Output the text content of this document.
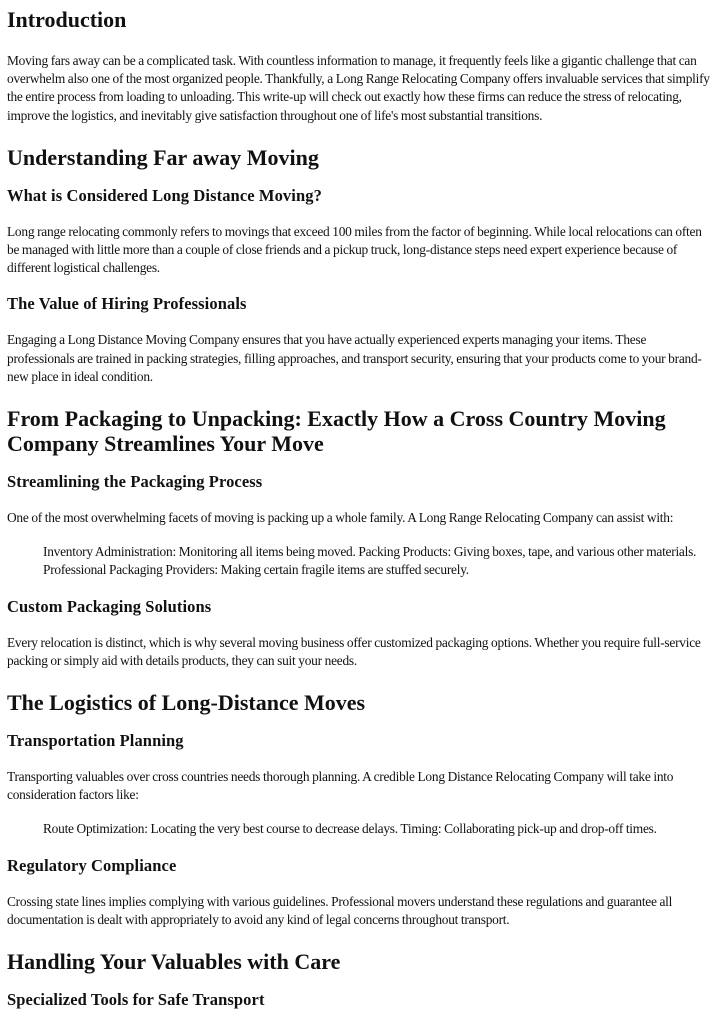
Introduction

Moving fars away can be a complicated task. With countless information to manage, it frequently feels like a gigantic challenge that can overwhelm also one of the most organized people. Thankfully, a Long Range Relocating Company offers invaluable services that simplify the entire process from loading to unloading. This write-up will check out exactly how these firms can reduce the stress of relocating, improve the logistics, and inevitably give satisfaction throughout one of life's most substantial transitions.

Understanding Far away Moving
What is Considered Long Distance Moving?

Long range relocating commonly refers to movings that exceed 100 miles from the factor of beginning. While local relocations can often be managed with little more than a couple of close friends and a pickup truck, long-distance steps need expert experience because of different logistical challenges.

The Value of Hiring Professionals

Engaging a Long Distance Moving Company ensures that you have actually experienced experts managing your items. These professionals are trained in packing strategies, filling approaches, and transport security, ensuring that your products come to your brand-new place in ideal condition.

From Packaging to Unpacking: Exactly How a Cross Country Moving Company Streamlines Your Move
Streamlining the Packaging Process

One of the most overwhelming facets of moving is packing up a whole family. A Long Range Relocating Company can assist with:

Inventory Administration: Monitoring all items being moved. Packing Products: Giving boxes, tape, and various other materials. Professional Packaging Providers: Making certain fragile items are stuffed securely.
Custom Packaging Solutions

Every relocation is distinct, which is why several moving business offer customized packaging options. Whether you require full-service packing or simply aid with details products, they can suit your needs.

The Logistics of Long-Distance Moves
Transportation Planning

Transporting valuables over cross countries needs thorough planning. A credible Long Distance Relocating Company will take into consideration factors like:

Route Optimization: Locating the very best course to decrease delays. Timing: Collaborating pick-up and drop-off times.
Regulatory Compliance

Crossing state lines implies complying with various guidelines. Professional movers understand these regulations and guarantee all documentation is dealt with appropriately to avoid any kind of legal concerns throughout transport.

Handling Your Valuables with Care
Specialized Tools for Safe Transport
